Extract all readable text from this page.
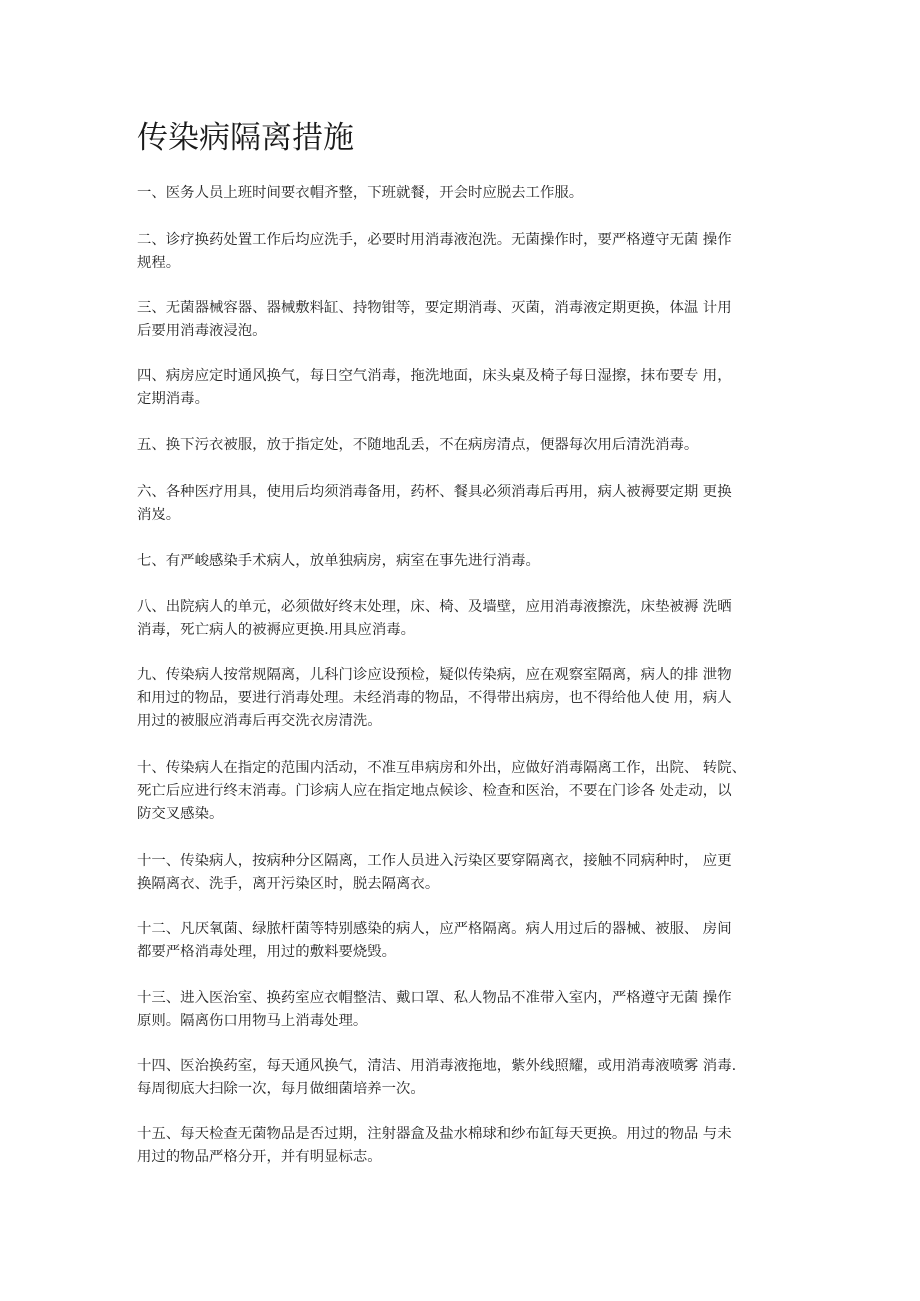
传染病隔离措施

一、医务人员上班时间要衣帽齐整，下班就餐，开会时应脱去工作服。

二、诊疗换药处置工作后均应洗手，必要时用消毒液泡洗。无菌操作时，要严格遵守无菌 操作
规程。

三、无菌器械容器、器械敷料缸、持物钳等，要定期消毒、灭菌，消毒液定期更换，体温 计用
后要用消毒液浸泡。

四、病房应定时通风换气，每日空气消毒，拖洗地面，床头桌及椅子每日湿擦，抹布要专 用，
定期消毒。

五、换下污衣被服，放于指定处，不随地乱丢，不在病房清点，便器每次用后清洗消毒。

六、各种医疗用具，使用后均须消毒备用，药杯、餐具必须消毒后再用，病人被褥要定期 更换
消岌。

七、有严峻感染手术病人，放单独病房，病室在事先进行消毒。

八、出院病人的单元，必须做好终末处理，床、椅、及墙壁，应用消毒液擦洗，床垫被褥 洗晒
消毒，死亡病人的被褥应更换.用具应消毒。

九、传染病人按常规隔离，儿科门诊应设预检，疑似传染病，应在观察室隔离，病人的排 泄物
和用过的物品，要进行消毒处理。未经消毒的物品，不得带出病房，也不得给他人使 用，病人
用过的被服应消毒后再交洗衣房清洗。

十、传染病人在指定的范围内活动，不准互串病房和外出，应做好消毒隔离工作，出院、 转院、
死亡后应进行终末消毒。门诊病人应在指定地点候诊、检查和医治，不要在门诊各 处走动，以
防交叉感染。

十一、传染病人，按病种分区隔离，工作人员进入污染区要穿隔离衣，接触不同病种时， 应更
换隔离衣、洗手，离开污染区时，脱去隔离衣。

十二、凡厌氧菌、绿脓杆菌等特别感染的病人，应严格隔离。病人用过后的器械、被服、 房间
都要严格消毒处理，用过的敷料要烧毁。

十三、进入医治室、换药室应衣帽整洁、戴口罩、私人物品不准带入室内，严格遵守无菌 操作
原则。隔离伤口用物马上消毒处理。

十四、医治换药室，每天通风换气，清洁、用消毒液拖地，紫外线照耀，或用消毒液喷雾 消毒.
每周彻底大扫除一次，每月做细菌培养一次。

十五、每天检查无菌物品是否过期，注射器盒及盐水棉球和纱布缸每天更换。用过的物品 与未
用过的物品严格分开，并有明显标志。
